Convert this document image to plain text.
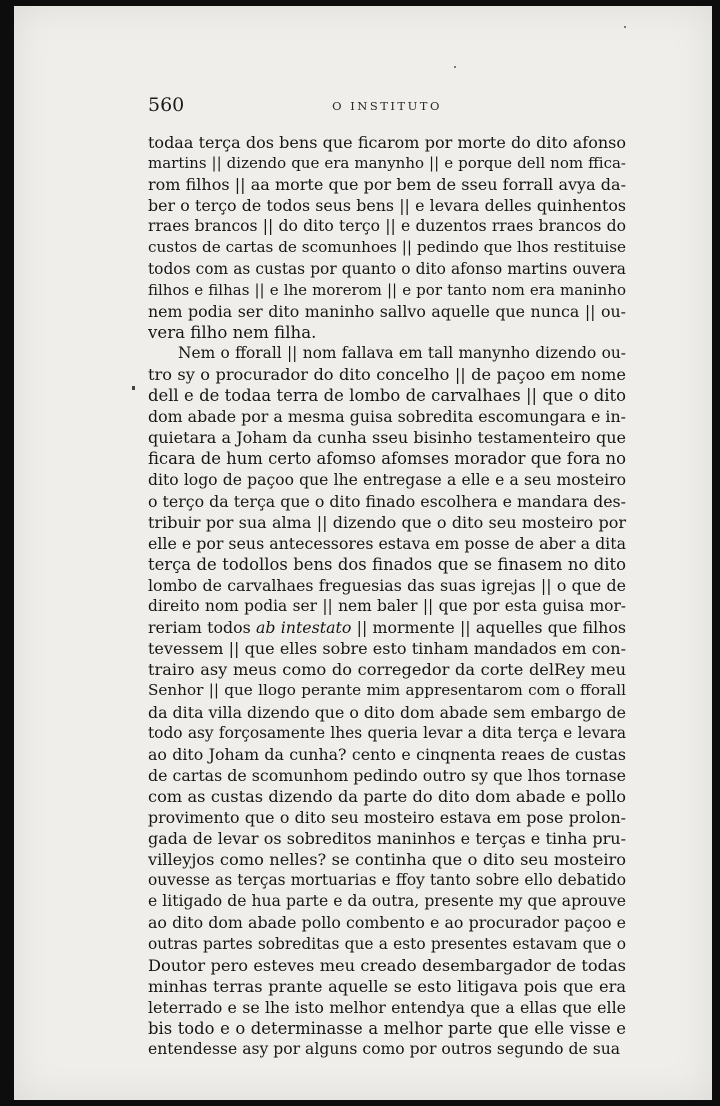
560	O INSTITUTO
todaa terça dos bens que ficarom por morte do dito afonso
martins || dizendo que era manynho || e porque dell nom ffica-
rom filhos || aa morte que por bem de sseu forrall avya da-
ber o terço de todos seus bens || e levara delles quinhentos
rraes brancos || do dito terço || e duzentos rraes brancos do
custos de cartas de scomunhoes || pedindo que lhos restituise
todos com as custas por quanto o dito afonso martins ouvera
filhos e filhas || e lhe morerom || e por tanto nom era maninho
nem podia ser dito maninho sallvo aquelle que nunca || ou-
vera filho nem filha.
Nem o fforall || nom fallava em tall manynho dizendo ou-
tro sy o procurador do dito concelho || de paçoo em nome
dell e de todaa terra de lombo de carvalhaes || que o dito
dom abade por a mesma guisa sobredita escomungara e in-
quietara a Joham da cunha sseu bisinho testamenteiro que
ficara de hum certo afomso afomses morador que fora no
dito logo de paçoo que lhe entregase a elle e a seu mosteiro
o terço da terça que o dito finado escolhera e mandara des-
tribuir por sua alma || dizendo que o dito seu mosteiro por
elle e por seus antecessores estava em posse de aber a dita
terça de todollos bens dos finados que se finasem no dito
lombo de carvalhaes freguesias das suas igrejas || o que de
direito nom podia ser || nem baler || que por esta guisa mor-
reriam todos ab intestato || mormente || aquelles que filhos
tevessem || que elles sobre esto tinham mandados em con-
trairo asy meus como do corregedor da corte delRey meu
Senhor || que llogo perante mim appresentarom com o fforall
da dita villa dizendo que o dito dom abade sem embargo de
todo asy forçosamente lhes queria levar a dita terça e levara
ao dito Joham da cunha? cento e cinqnenta reaes de custas
de cartas de scomunhom pedindo outro sy que lhos tornase
com as custas dizendo da parte do dito dom abade e pollo
provimento que o dito seu mosteiro estava em pose prolon-
gada de levar os sobreditos maninhos e terças e tinha pru-
villeyjos como nelles? se continha que o dito seu mosteiro
ouvesse as terças mortuarias e ffoy tanto sobre ello debatido
e litigado de hua parte e da outra, presente my que aprouve
ao dito dom abade pollo combento e ao procurador paçoo e
outras partes sobreditas que a esto presentes estavam que o
Doutor pero esteves meu creado desembargador de todas
minhas terras prante aquelle se esto litigava pois que era
leterrado e se lhe isto melhor entendya que a ellas que elle
bis todo e o determinasse a melhor parte que elle visse e
entendesse asy por alguns como por outros segundo de sua
